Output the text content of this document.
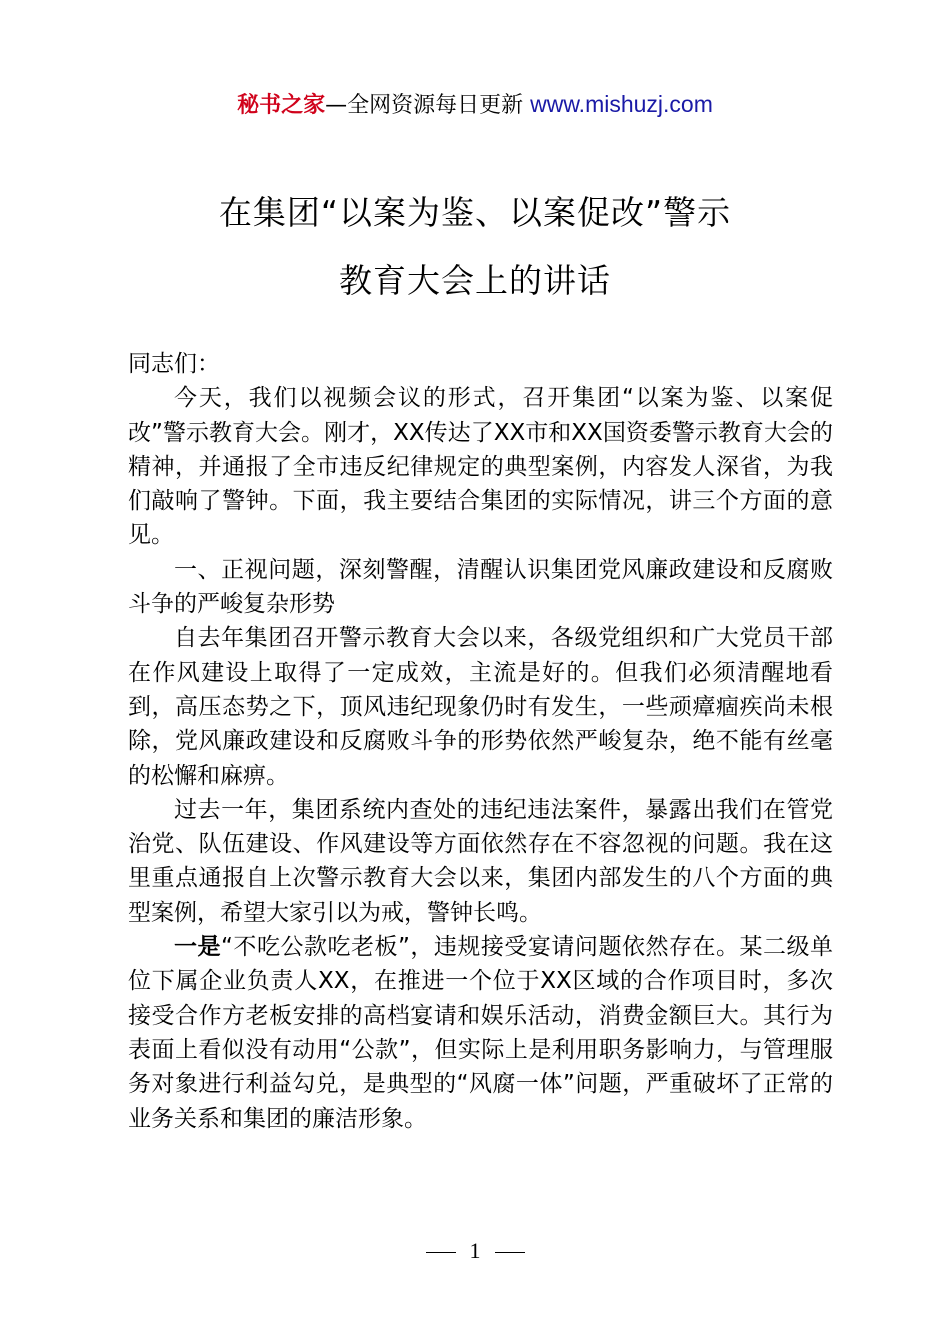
秘书之家—全网资源每日更新 www.mishuzj.com
在集团“以案为鉴、以案促改”警示
教育大会上的讲话

同志们：

今天，我们以视频会议的形式，召开集团“以案为鉴、以案促改”警示教育大会。刚才，XX传达了XX市和XX国资委警示教育大会的精神，并通报了全市违反纪律规定的典型案例，内容发人深省，为我们敲响了警钟。下面，我主要结合集团的实际情况，讲三个方面的意见。

一、正视问题，深刻警醒，清醒认识集团党风廉政建设和反腐败斗争的严峻复杂形势

自去年集团召开警示教育大会以来，各级党组织和广大党员干部在作风建设上取得了一定成效，主流是好的。但我们必须清醒地看到，高压态势之下，顶风违纪现象仍时有发生，一些顽瘴痼疾尚未根除，党风廉政建设和反腐败斗争的形势依然严峻复杂，绝不能有丝毫的松懈和麻痹。

过去一年，集团系统内查处的违纪违法案件，暴露出我们在管党治党、队伍建设、作风建设等方面依然存在不容忽视的问题。我在这里重点通报自上次警示教育大会以来，集团内部发生的八个方面的典型案例，希望大家引以为戒，警钟长鸣。

一是“不吃公款吃老板”，违规接受宴请问题依然存在。某二级单位下属企业负责人XX，在推进一个位于XX区域的合作项目时，多次接受合作方老板安排的高档宴请和娱乐活动，消费金额巨大。其行为表面上看似没有动用“公款”，但实际上是利用职务影响力，与管理服务对象进行利益勾兑，是典型的“风腐一体”问题，严重破坏了正常的业务关系和集团的廉洁形象。

1
